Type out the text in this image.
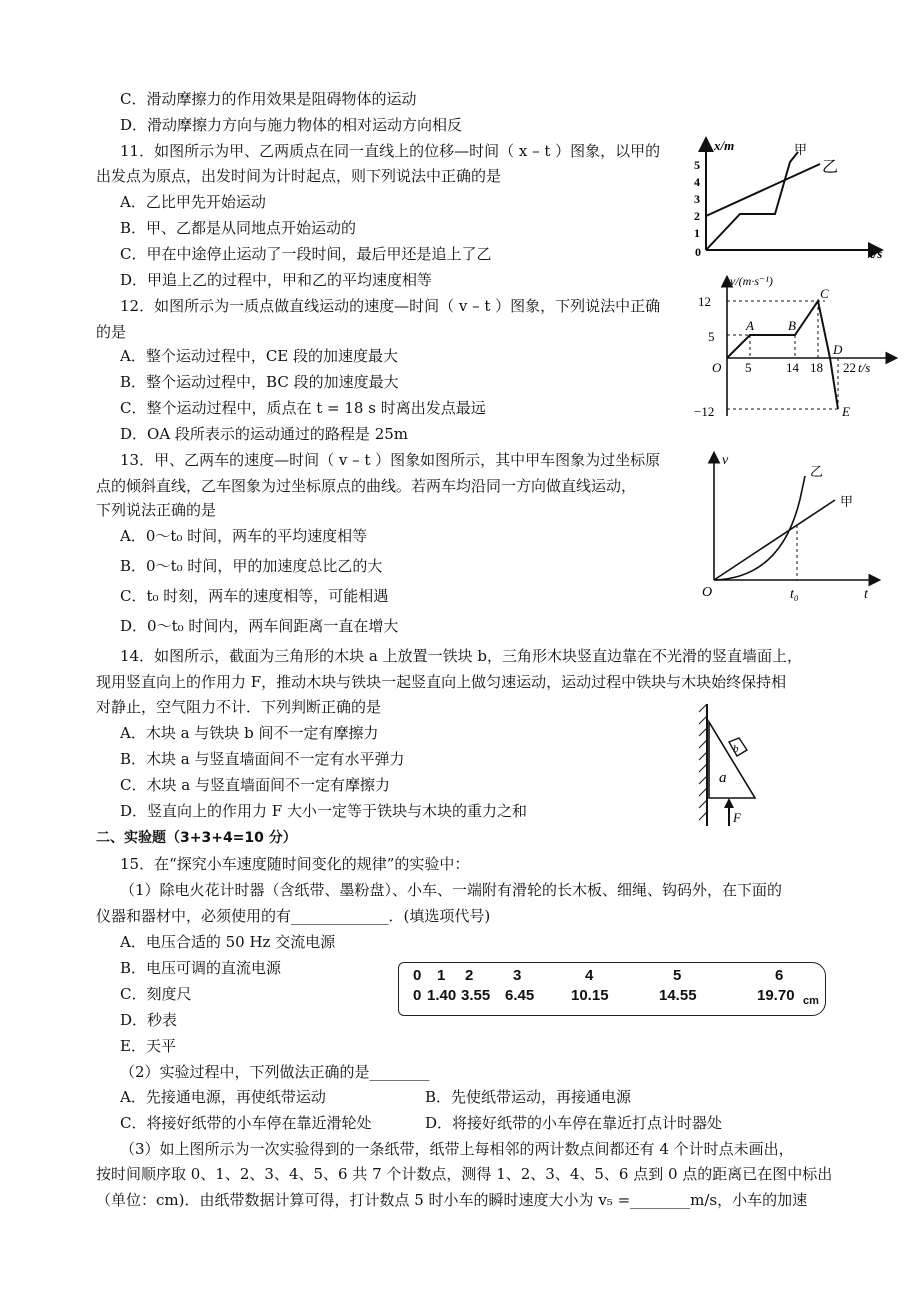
C．滑动摩擦力的作用效果是阻碍物体的运动
D．滑动摩擦力方向与施力物体的相对运动方向相反
11．如图所示为甲、乙两质点在同一直线上的位移—时间（ x – t ）图象，以甲的
出发点为原点，出发时间为计时起点，则下列说法中正确的是
A．乙比甲先开始运动
B．甲、乙都是从同地点开始运动的
C．甲在中途停止运动了一段时间，最后甲还是追上了乙
D．甲追上乙的过程中，甲和乙的平均速度相等
x/m
t/s
0
5
4
3
2
1
甲
乙
12．如图所示为一质点做直线运动的速度—时间（ v – t ）图象，下列说法中正确
的是
A．整个运动过程中，CE 段的加速度最大
B．整个运动过程中，BC 段的加速度最大
C．整个运动过程中，质点在 t = 18 s 时离出发点最远
D．OA 段所表示的运动通过的路程是 25m
v/(m·s⁻¹)
12
5
−12
O 5	14 18 22 t/s
A	B
C
D
E
13．甲、乙两车的速度—时间（ v – t ）图象如图所示，其中甲车图象为过坐标原
点的倾斜直线，乙车图象为过坐标原点的曲线。若两车均沿同一方向做直线运动，
下列说法正确的是
A．0～t₀ 时间，两车的平均速度相等
B．0～t₀ 时间，甲的加速度总比乙的大
C．t₀ 时刻，两车的速度相等，可能相遇
D．0～t₀ 时间内，两车间距离一直在增大
v
t
O	t₀
乙
甲
14．如图所示，截面为三角形的木块 a 上放置一铁块 b，三角形木块竖直边靠在不光滑的竖直墙面上，
现用竖直向上的作用力 F，推动木块与铁块一起竖直向上做匀速运动，运动过程中铁块与木块始终保持相
对静止，空气阻力不计．下列判断正确的是
A．木块 a 与铁块 b 间不一定有摩擦力
B．木块 a 与竖直墙面间不一定有水平弹力
C．木块 a 与竖直墙面间不一定有摩擦力
D．竖直向上的作用力 F 大小一定等于铁块与木块的重力之和
b
a
F
二、实验题（3+3+4=10 分）
15．在“探究小车速度随时间变化的规律”的实验中：
（1）除电火花计时器（含纸带、墨粉盘）、小车、一端附有滑轮的长木板、细绳、钩码外，在下面的
仪器和器材中，必须使用的有_____________．(填选项代号)
A．电压合适的 50 Hz 交流电源
B．电压可调的直流电源
C．刻度尺
D．秒表
E．天平
（2）实验过程中，下列做法正确的是________
A．先接通电源，再使纸带运动	B．先使纸带运动，再接通电源
C．将接好纸带的小车停在靠近滑轮处	D．将接好纸带的小车停在靠近打点计时器处
（3）如上图所示为一次实验得到的一条纸带，纸带上每相邻的两计数点间都还有 4 个计时点未画出，
按时间顺序取 0、1、2、3、4、5、6 共 7 个计数点，测得 1、2、3、4、5、6 点到 0 点的距离已在图中标出
（单位：cm)．由纸带数据计算可得，打计数点 5 时小车的瞬时速度大小为 v₅ =________m/s，小车的加速
0 1 2	3	4	5	6
0 1.40 3.55 6.45 10.15	14.55	19.70 cm
